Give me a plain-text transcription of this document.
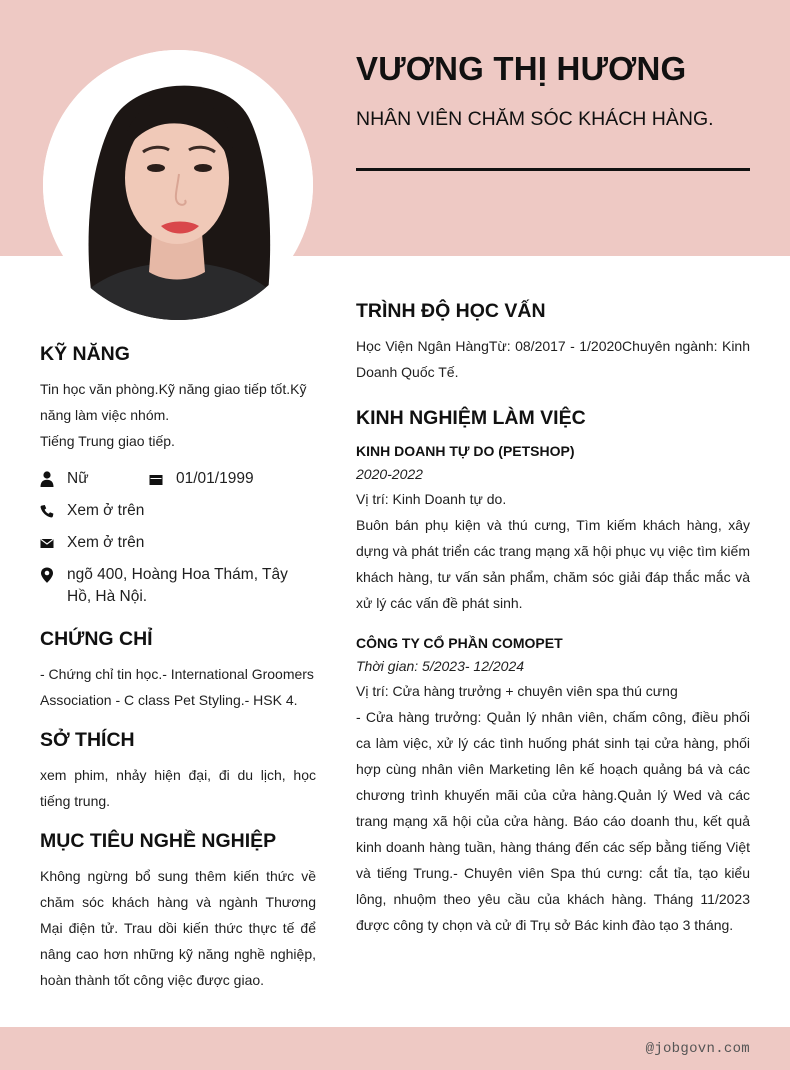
VƯƠNG THỊ HƯƠNG
NHÂN VIÊN CHĂM SÓC KHÁCH HÀNG.
KỸ NĂNG

Tin học văn phòng.Kỹ năng giao tiếp tốt.Kỹ năng làm việc nhóm.

Tiếng Trung giao tiếp.

Nữ	01/01/1999
Xem ở trên
Xem ở trên
ngõ 400, Hoàng Hoa Thám, Tây Hồ, Hà Nội.
CHỨNG CHỈ

- Chứng chỉ tin học.- International Groomers Association - C class Pet Styling.- HSK 4.

SỞ THÍCH

xem phim, nhảy hiện đại, đi du lịch, học tiếng trung.

MỤC TIÊU NGHỀ NGHIỆP

Không ngừng bổ sung thêm kiến thức về chăm sóc khách hàng và ngành Thương Mại điện tử. Trau dồi kiến thức thực tế để nâng cao hơn những kỹ năng nghề nghiệp, hoàn thành tốt công việc được giao.

TRÌNH ĐỘ HỌC VẤN

Học Viện Ngân HàngTừ: 08/2017 - 1/2020Chuyên ngành: Kinh Doanh Quốc Tế.

KINH NGHIỆM LÀM VIỆC

KINH DOANH TỰ DO (PETSHOP)

2020-2022

Vị trí: Kinh Doanh tự do.

Buôn bán phụ kiện và thú cưng, Tìm kiếm khách hàng, xây dựng và phát triển các trang mạng xã hội phục vụ việc tìm kiếm khách hàng, tư vấn sản phẩm, chăm sóc giải đáp thắc mắc và xử lý các vấn đề phát sinh.

CÔNG TY CỔ PHẦN COMOPET

Thời gian: 5/2023- 12/2024

Vị trí: Cửa hàng trưởng + chuyên viên spa thú cưng

- Cửa hàng trưởng: Quản lý nhân viên, chấm công, điều phối ca làm việc, xử lý các tình huống phát sinh tại cửa hàng, phối hợp cùng nhân viên Marketing lên kế hoạch quảng bá và các chương trình khuyến mãi của cửa hàng.Quản lý Wed và các trang mạng xã hội của cửa hàng. Báo cáo doanh thu, kết quả kinh doanh hàng tuần, hàng tháng đến các sếp bằng tiếng Việt và tiếng Trung.- Chuyên viên Spa thú cưng: cắt tỉa, tạo kiểu lông, nhuộm theo yêu cầu của khách hàng. Tháng 11/2023 được công ty chọn và cử đi Trụ sở Bác kinh đào tạo 3 tháng.

@jobgovn.com
